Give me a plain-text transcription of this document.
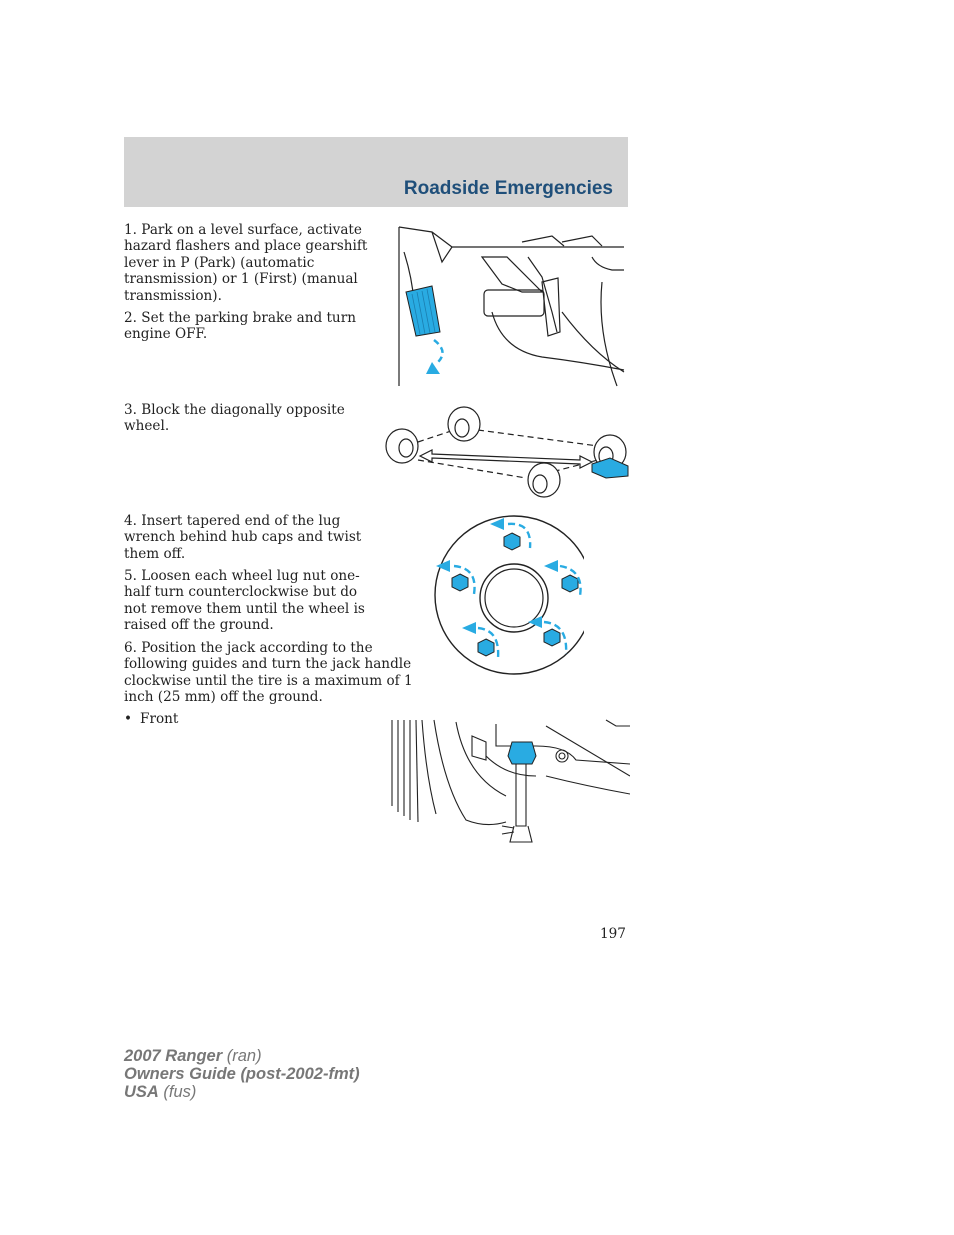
Roadside Emergencies
1. Park on a level surface, activate hazard flashers and place gearshift lever in P (Park) (automatic transmission) or 1 (First) (manual transmission).
2. Set the parking brake and turn engine OFF.
3. Block the diagonally opposite wheel.
4. Insert tapered end of the lug wrench behind hub caps and twist them off.
5. Loosen each wheel lug nut one-half turn counterclockwise but do not remove them until the wheel is raised off the ground.
6. Position the jack according to the following guides and turn the jack handle clockwise until the tire is a maximum of 1 inch (25 mm) off the ground.
• Front
197
2007 Ranger (ran)
Owners Guide (post-2002-fmt)
USA (fus)
